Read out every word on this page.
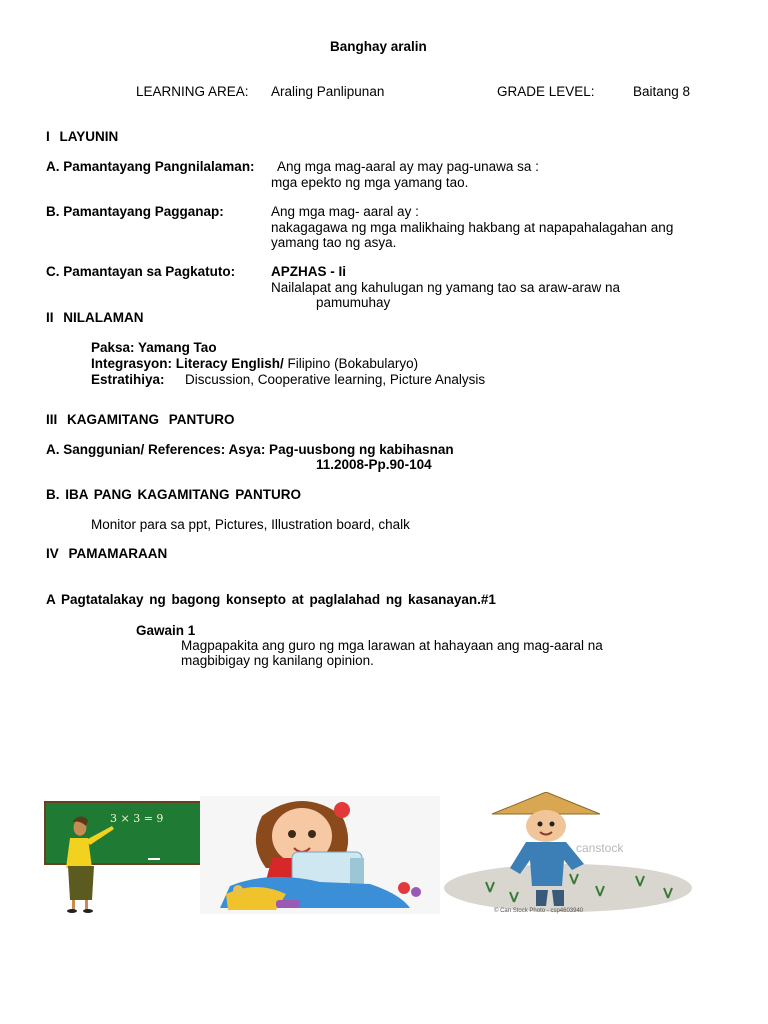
Banghay aralin
LEARNING AREA: Araling Panlipunan	GRADE LEVEL:	Baitang 8
I LAYUNIN
A. Pamantayang Pangnilalaman: Ang mga mag-aaral ay may pag-unawa sa :
mga epekto ng mga yamang tao.
B. Pamantayang Pagganap:	Ang mga mag- aaral ay :
nakagagawa ng mga malikhaing hakbang at napapahalagahan ang
yamang tao ng asya.
C. Pamantayan sa Pagkatuto:	APZHAS - Ii
Nailalapat ang kahulugan ng yamang tao sa araw-araw na
pamumuhay
II NILALAMAN
Paksa: Yamang Tao
Integrasyon: Literacy English/ Filipino (Bokabularyo)
Estratihiya: Discussion, Cooperative learning, Picture Analysis
III KAGAMITANG PANTURO
A. Sanggunian/ References: Asya: Pag-uusbong ng kabihasnan
11.2008-Pp.90-104
B. IBA PANG KAGAMITANG PANTURO
Monitor para sa ppt, Pictures, Illustration board, chalk
IV PAMAMARAAN
A Pagtatalakay ng bagong konsepto at paglalahad ng kasanayan.#1
Gawain 1
Magpapakita ang guro ng mga larawan at hahayaan ang mag-aaral na
magbibigay ng kanilang opinion.
3 × 3 = 9
canstock
© Can Stock Photo - csp4603940
